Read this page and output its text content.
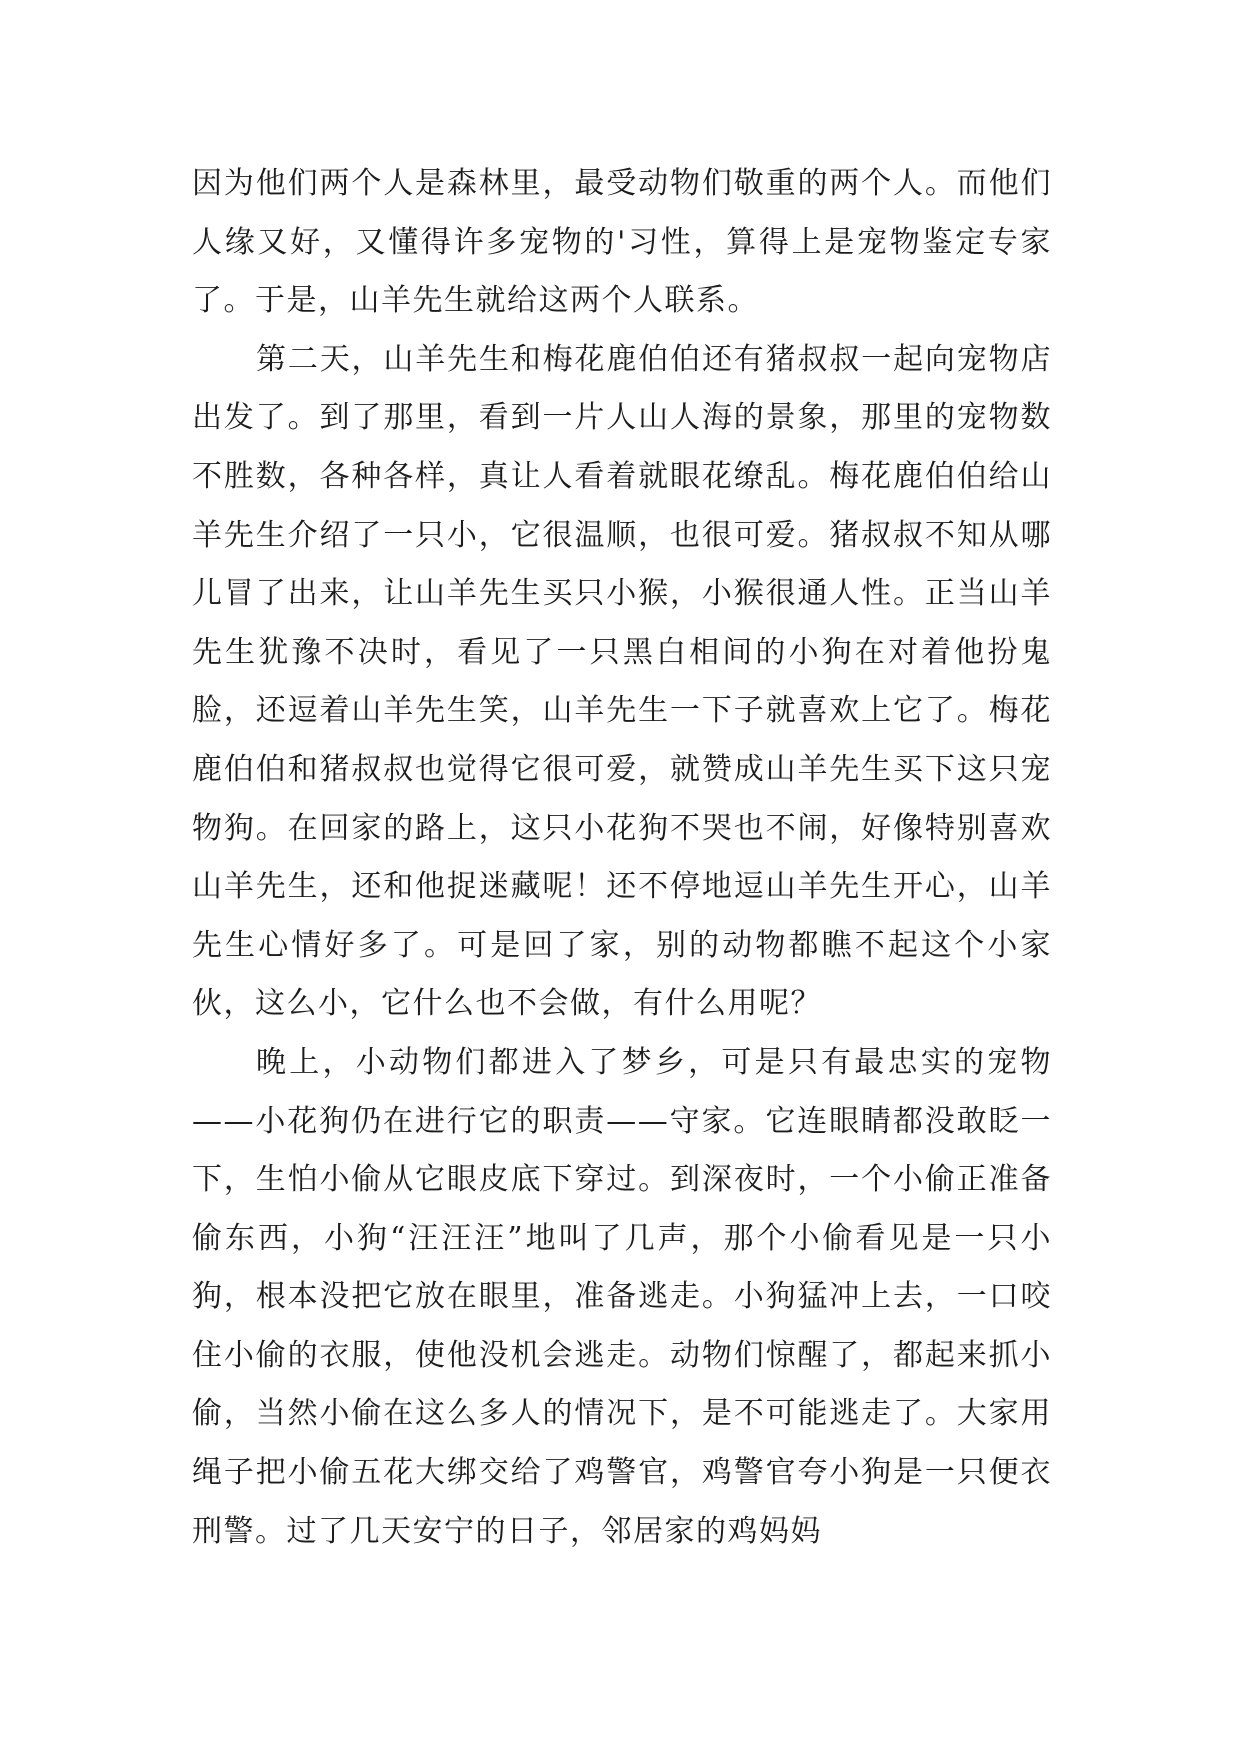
因为他们两个人是森林里，最受动物们敬重的两个人。而他们人缘又好，又懂得许多宠物的'习性，算得上是宠物鉴定专家了。于是，山羊先生就给这两个人联系。

第二天，山羊先生和梅花鹿伯伯还有猪叔叔一起向宠物店出发了。到了那里，看到一片人山人海的景象，那里的宠物数不胜数，各种各样，真让人看着就眼花缭乱。梅花鹿伯伯给山羊先生介绍了一只小，它很温顺，也很可爱。猪叔叔不知从哪儿冒了出来，让山羊先生买只小猴，小猴很通人性。正当山羊先生犹豫不决时，看见了一只黑白相间的小狗在对着他扮鬼脸，还逗着山羊先生笑，山羊先生一下子就喜欢上它了。梅花鹿伯伯和猪叔叔也觉得它很可爱，就赞成山羊先生买下这只宠物狗。在回家的路上，这只小花狗不哭也不闹，好像特别喜欢山羊先生，还和他捉迷藏呢！还不停地逗山羊先生开心，山羊先生心情好多了。可是回了家，别的动物都瞧不起这个小家伙，这么小，它什么也不会做，有什么用呢？

晚上，小动物们都进入了梦乡，可是只有最忠实的宠物——小花狗仍在进行它的职责——守家。它连眼睛都没敢眨一下，生怕小偷从它眼皮底下穿过。到深夜时，一个小偷正准备偷东西，小狗“汪汪汪”地叫了几声，那个小偷看见是一只小狗，根本没把它放在眼里，准备逃走。小狗猛冲上去，一口咬住小偷的衣服，使他没机会逃走。动物们惊醒了，都起来抓小偷，当然小偷在这么多人的情况下，是不可能逃走了。大家用绳子把小偷五花大绑交给了鸡警官，鸡警官夸小狗是一只便衣刑警。过了几天安宁的日子，邻居家的鸡妈妈
